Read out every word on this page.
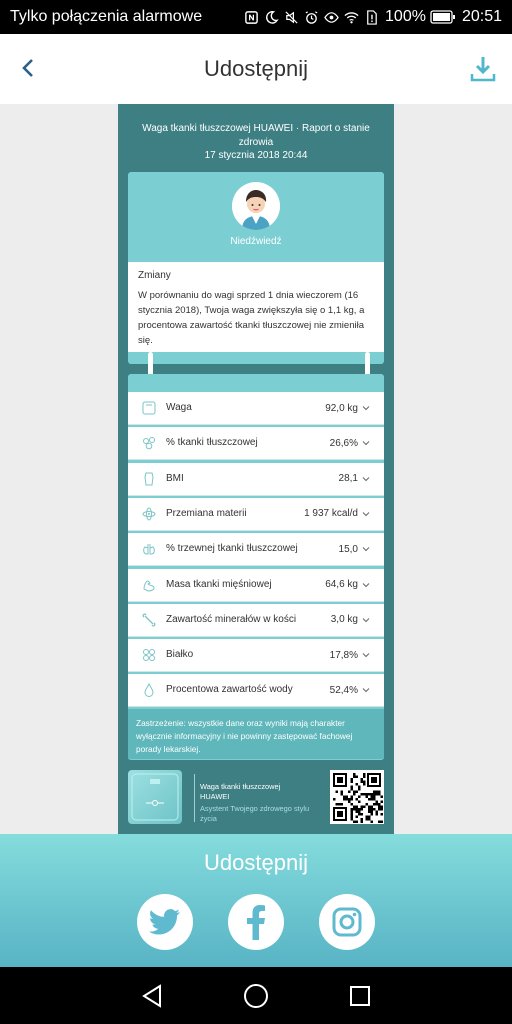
Tylko połączenia alarmowe	100% 20:51
Udostępnij
Waga tkanki tłuszczowej HUAWEI · Raport o stanie zdrowia
17 stycznia 2018 20:44
Niedźwiedź
Zmiany
W porównaniu do wagi sprzed 1 dnia wieczorem (16 stycznia 2018), Twoja waga zwiększyła się o 1,1 kg, a procentowa zawartość tkanki tłuszczowej nie zmieniła się.
Waga	92,0 kg
% tkanki tłuszczowej	26,6%
BMI	28,1
Przemiana materii	1 937 kcal/d
% trzewnej tkanki tłuszczowej	15,0
Masa tkanki mięśniowej	64,6 kg
Zawartość minerałów w kości	3,0 kg
Białko	17,8%
Procentowa zawartość wody	52,4%
Zastrzeżenie: wszystkie dane oraz wyniki mają charakter wyłącznie informacyjny i nie powinny zastępować fachowej porady lekarskiej.
Waga tkanki tłuszczowej HUAWEI
Asystent Twojego zdrowego stylu życia
Udostępnij
